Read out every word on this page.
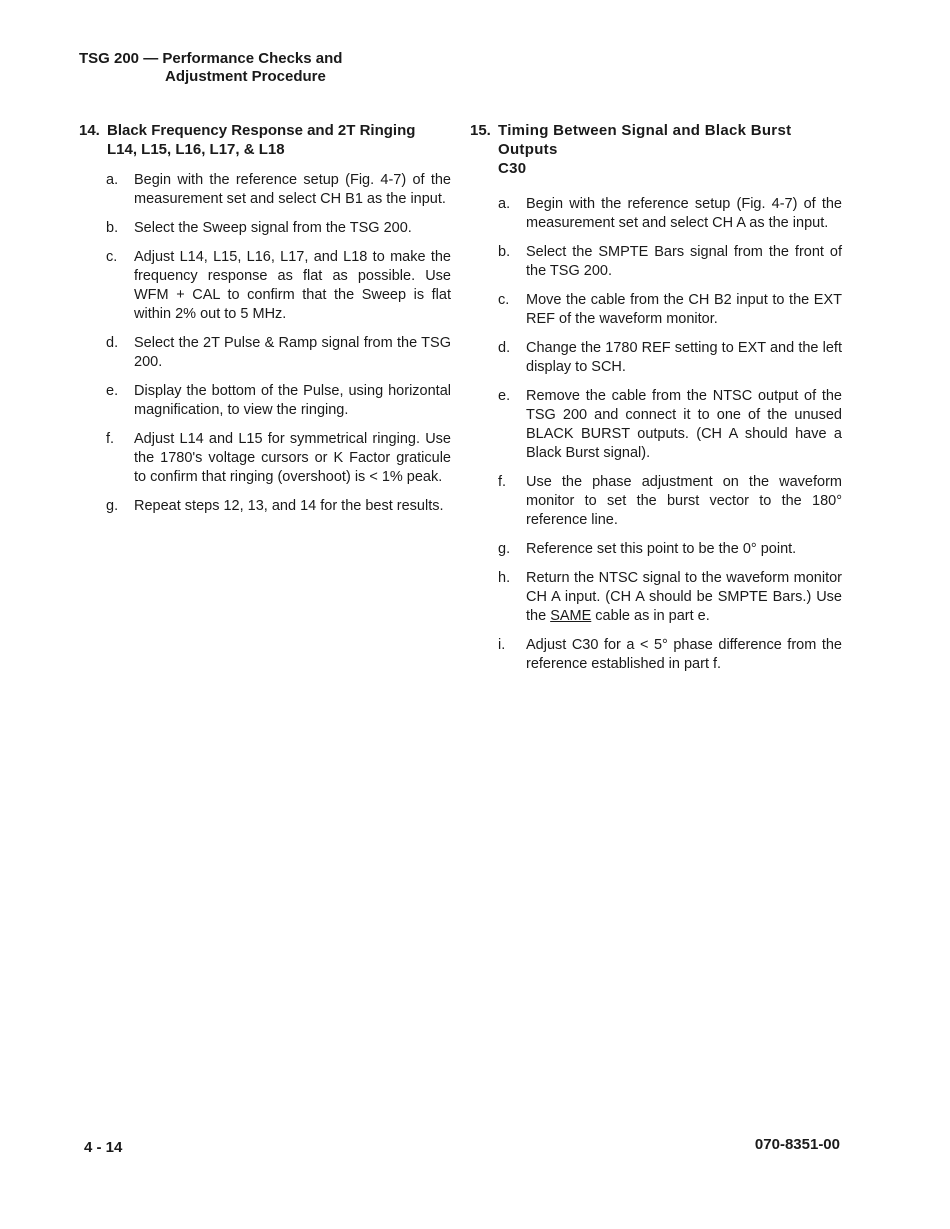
TSG 200 — Performance Checks and
Adjustment Procedure
14. Black Frequency Response and 2T Ringing
L14, L15, L16, L17, & L18
a.	Begin with the reference setup (Fig. 4-7) of the measurement set and select CH B1 as the input.
b.	Select the Sweep signal from the TSG 200.
c.	Adjust L14, L15, L16, L17, and L18 to make the frequency response as flat as possible. Use WFM + CAL to confirm that the Sweep is flat within 2% out to 5 MHz.
d.	Select the 2T Pulse & Ramp signal from the TSG 200.
e.	Display the bottom of the Pulse, using horizontal magnification, to view the ringing.
f.	Adjust L14 and L15 for symmetrical ringing. Use the 1780's voltage cursors or K Factor graticule to confirm that ringing (overshoot) is < 1% peak.
g.	Repeat steps 12, 13, and 14 for the best results.
15. Timing Between Signal and Black Burst
Outputs
C30
a.	Begin with the reference setup (Fig. 4-7) of the measurement set and select CH A as the input.
b.	Select the SMPTE Bars signal from the front of the TSG 200.
c.	Move the cable from the CH B2 input to the EXT REF of the waveform monitor.
d.	Change the 1780 REF setting to EXT and the left display to SCH.
e.	Remove the cable from the NTSC output of the TSG 200 and connect it to one of the unused BLACK BURST outputs. (CH A should have a Black Burst signal).
f.	Use the phase adjustment on the waveform monitor to set the burst vector to the 180° reference line.
g.	Reference set this point to be the 0° point.
h.	Return the NTSC signal to the waveform monitor CH A input. (CH A should be SMPTE Bars.) Use the SAME cable as in part e.
i.	Adjust C30 for a < 5° phase difference from the reference established in part f.
4 - 14	070-8351-00
